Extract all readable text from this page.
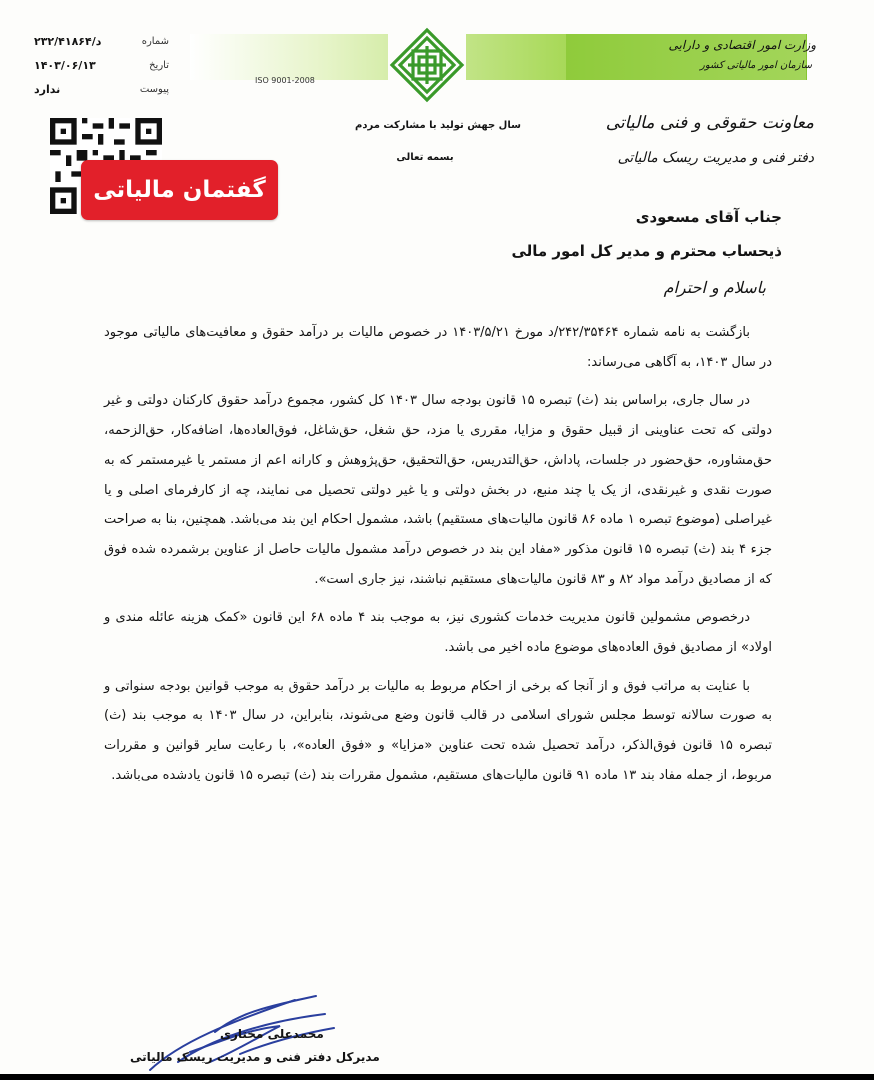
د/۲۳۲/۴۱۸۶۴	شماره
۱۴۰۳/۰۶/۱۳	تاریخ
ندارد	پیوست
گفتمان مالیاتی
ISO 9001-2008
وزارت امور اقتصادی و دارایی
سازمان امور مالیاتی کشور
سال جهش تولید با مشارکت مردم
بسمه تعالی
معاونت حقوقی و فنی مالیاتی
دفتر فنی و مدیریت ریسک مالیاتی
جناب آقای مسعودی
ذیحساب محترم و مدیر کل امور مالی
باسلام و احترام

بازگشت به نامه شماره ۲۴۲/۳۵۴۶۴/د مورخ ۱۴۰۳/۵/۲۱ در خصوص مالیات بر درآمد حقوق و معافیت‌های مالیاتی موجود در سال ۱۴۰۳، به آگاهی می‌رساند:

در سال جاری، براساس بند (ث) تبصره ۱۵ قانون بودجه سال ۱۴۰۳ کل کشور، مجموع درآمد حقوق کارکنان دولتی و غیر دولتی که تحت عناوینی از قبیل حقوق و مزایا، مقرری یا مزد، حق شغل، حق‌شاغل، فوق‌العاده‌ها، اضافه‌کار، حق‌الزحمه، حق‌مشاوره، حق‌حضور در جلسات، پاداش، حق‌التدریس، حق‌التحقیق، حق‌پژوهش و کارانه اعم از مستمر یا غیرمستمر که به صورت نقدی و غیرنقدی، از یک یا چند منبع، در بخش دولتی و یا غیر دولتی تحصیل می نمایند، چه از کارفرمای اصلی و یا غیراصلی (موضوع تبصره ۱ ماده ۸۶ قانون مالیات‌های مستقیم) باشد، مشمول احکام این بند می‌باشد. همچنین، بنا به صراحت جزء ۴ بند (ث) تبصره ۱۵ قانون مذکور «مفاد این بند در خصوص درآمد مشمول مالیات حاصل از عناوین برشمرده شده فوق که از مصادیق درآمد مواد ۸۲ و ۸۳ قانون مالیات‌های مستقیم نباشند، نیز جاری است».

درخصوص مشمولین قانون مدیریت خدمات کشوری نیز، به موجب بند ۴ ماده ۶۸ این قانون «کمک هزینه عائله مندی و اولاد» از مصادیق فوق العاده‌های موضوع ماده اخیر می باشد.

با عنایت به مراتب فوق و از آنجا که برخی از احکام مربوط به مالیات بر درآمد حقوق به موجب قوانین بودجه سنواتی و به صورت سالانه توسط مجلس شورای اسلامی در قالب قانون وضع می‌شوند، بنابراین، در سال ۱۴۰۳ به موجب بند (ث) تبصره ۱۵ قانون فوق‌الذکر، درآمد تحصیل شده تحت عناوین «مزایا» و «فوق العاده»، با رعایت سایر قوانین و مقررات مربوط، از جمله مفاد بند ۱۳ ماده ۹۱ قانون مالیات‌های مستقیم، مشمول مقررات بند (ث) تبصره ۱۵ قانون یادشده می‌باشد.

محمدعلی مختاری
مدیرکل دفتر فنی و مدیریت ریسک مالیاتی
